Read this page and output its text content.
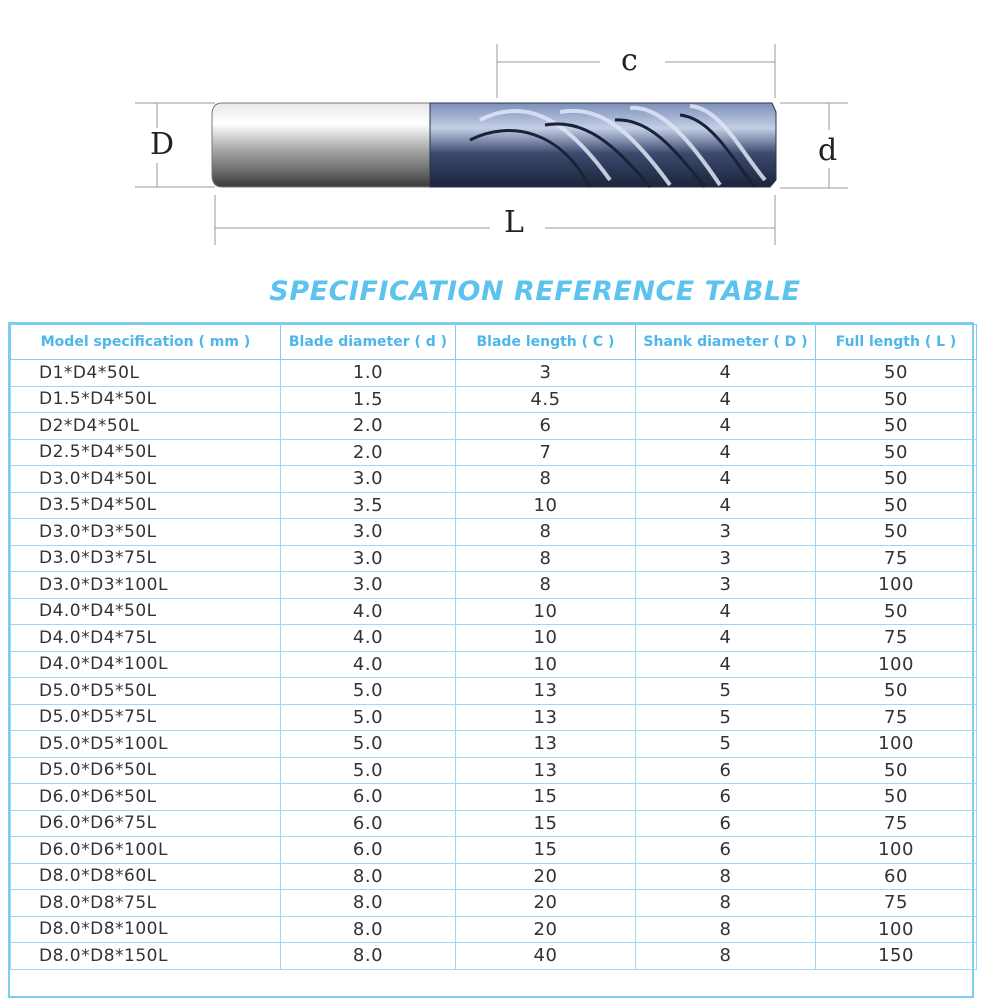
c
D	d
L
SPECIFICATION REFERENCE TABLE
Model specification ( mm )	Blade diameter ( d )	Blade length ( C )	Shank diameter ( D )	Full length ( L )
D1*D4*50L	1.0	3	4	50
D1.5*D4*50L	1.5	4.5	4	50
D2*D4*50L	2.0	6	4	50
D2.5*D4*50L	2.0	7	4	50
D3.0*D4*50L	3.0	8	4	50
D3.5*D4*50L	3.5	10	4	50
D3.0*D3*50L	3.0	8	3	50
D3.0*D3*75L	3.0	8	3	75
D3.0*D3*100L	3.0	8	3	100
D4.0*D4*50L	4.0	10	4	50
D4.0*D4*75L	4.0	10	4	75
D4.0*D4*100L	4.0	10	4	100
D5.0*D5*50L	5.0	13	5	50
D5.0*D5*75L	5.0	13	5	75
D5.0*D5*100L	5.0	13	5	100
D5.0*D6*50L	5.0	13	6	50
D6.0*D6*50L	6.0	15	6	50
D6.0*D6*75L	6.0	15	6	75
D6.0*D6*100L	6.0	15	6	100
D8.0*D8*60L	8.0	20	8	60
D8.0*D8*75L	8.0	20	8	75
D8.0*D8*100L	8.0	20	8	100
D8.0*D8*150L	8.0	40	8	150
